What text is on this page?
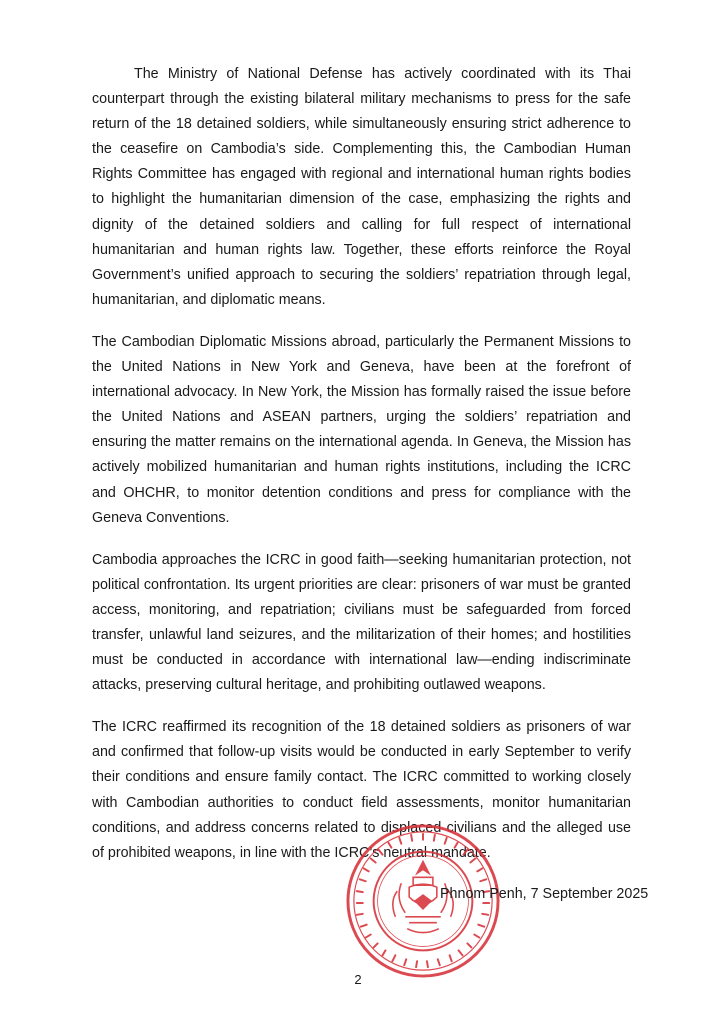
The Ministry of National Defense has actively coordinated with its Thai counterpart through the existing bilateral military mechanisms to press for the safe return of the 18 detained soldiers, while simultaneously ensuring strict adherence to the ceasefire on Cambodia’s side. Complementing this, the Cambodian Human Rights Committee has engaged with regional and international human rights bodies to highlight the humanitarian dimension of the case, emphasizing the rights and dignity of the detained soldiers and calling for full respect of international humanitarian and human rights law. Together, these efforts reinforce the Royal Government’s unified approach to securing the soldiers’ repatriation through legal, humanitarian, and diplomatic means.

The Cambodian Diplomatic Missions abroad, particularly the Permanent Missions to the United Nations in New York and Geneva, have been at the forefront of international advocacy. In New York, the Mission has formally raised the issue before the United Nations and ASEAN partners, urging the soldiers’ repatriation and ensuring the matter remains on the international agenda. In Geneva, the Mission has actively mobilized humanitarian and human rights institutions, including the ICRC and OHCHR, to monitor detention conditions and press for compliance with the Geneva Conventions.

Cambodia approaches the ICRC in good faith—seeking humanitarian protection, not political confrontation. Its urgent priorities are clear: prisoners of war must be granted access, monitoring, and repatriation; civilians must be safeguarded from forced transfer, unlawful land seizures, and the militarization of their homes; and hostilities must be conducted in accordance with international law—ending indiscriminate attacks, preserving cultural heritage, and prohibiting outlawed weapons.

The ICRC reaffirmed its recognition of the 18 detained soldiers as prisoners of war and confirmed that follow-up visits would be conducted in early September to verify their conditions and ensure family contact. The ICRC committed to working closely with Cambodian authorities to conduct field assessments, monitor humanitarian conditions, and address concerns related to displaced civilians and the alleged use of prohibited weapons, in line with the ICRC’s neutral mandate.

Phnom Penh, 7 September 2025
2
